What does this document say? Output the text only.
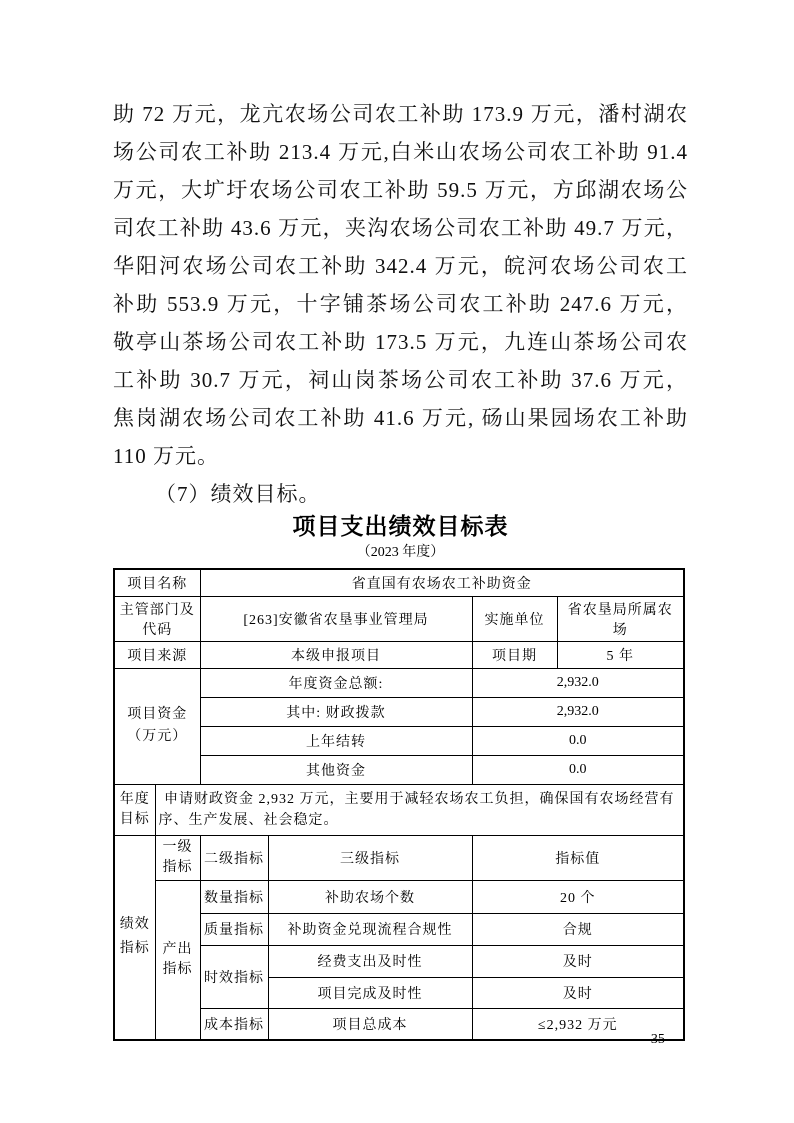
助 72 万元，龙亢农场公司农工补助 173.9 万元，潘村湖农
场公司农工补助 213.4 万元,白米山农场公司农工补助 91.4
万元，大圹圩农场公司农工补助 59.5 万元，方邱湖农场公
司农工补助 43.6 万元，夹沟农场公司农工补助 49.7 万元，
华阳河农场公司农工补助 342.4 万元，皖河农场公司农工
补助 553.9 万元，十字铺茶场公司农工补助 247.6 万元，
敬亭山茶场公司农工补助 173.5 万元，九连山茶场公司农
工补助 30.7 万元，祠山岗茶场公司农工补助 37.6 万元，
焦岗湖农场公司农工补助 41.6 万元, 砀山果园场农工补助
110 万元。
（7）绩效目标。
项目支出绩效目标表
（2023 年度）
项目名称		省直国有农场农工补助资金			
主管部门及代码		[263]安徽省农垦事业管理局		实施单位	省农垦局所属农场
项目来源		本级申报项目		项目期	5 年
项目资金（万元）		年度资金总额:		2,932.0	
		其中: 财政拨款		2,932.0	
		上年结转		0.0	
		其他资金		0.0	
年度目标	申请财政资金 2,932 万元，主要用于减轻农场农工负担，确保国有农场经营有序、生产发展、社会稳定。				
绩效指标	一级指标	二级指标	三级指标	指标值	
	产出指标	数量指标	补助农场个数	20 个	
		质量指标	补助资金兑现流程合规性	合规	
		时效指标	经费支出及时性	及时	
			项目完成及时性	及时	
		成本指标	项目总成本	≤2,932 万元	
- 35 -
